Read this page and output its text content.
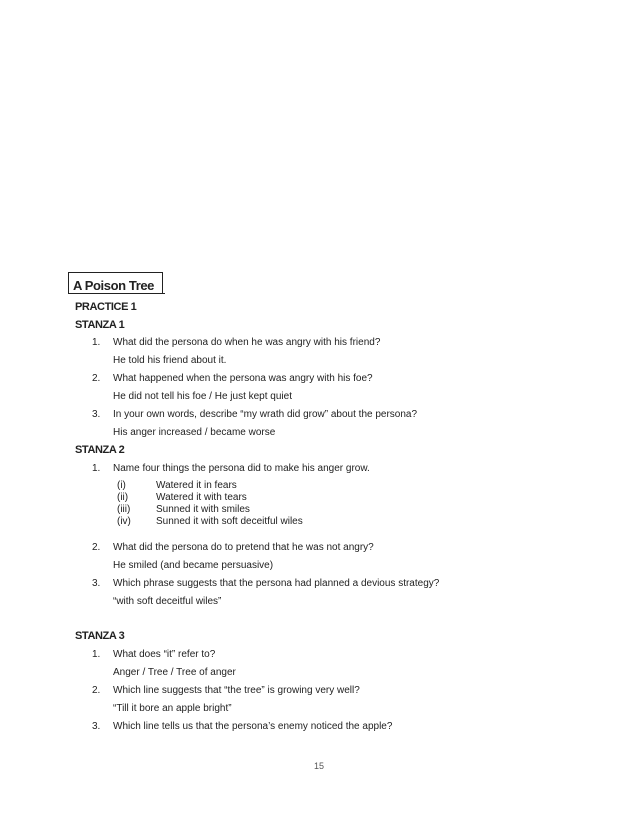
A Poison Tree
PRACTICE 1
STANZA 1
1. What did the persona do when he was angry with his friend?
He told his friend about it.
2. What happened when the persona was angry with his foe?
He did not tell his foe / He just kept quiet
3. In your own words, describe “my wrath did grow” about the persona?
His anger increased / became worse
STANZA 2
1. Name four things the persona did to make his anger grow.
(i)	Watered it in fears
(ii)	Watered it with tears
(iii)	Sunned it with smiles
(iv)	Sunned it with soft deceitful wiles
2. What did the persona do to pretend that he was not angry?
He smiled (and became persuasive)
3. Which phrase suggests that the persona had planned a devious strategy?
“with soft deceitful wiles”
STANZA 3
1. What does “it” refer to?
Anger / Tree / Tree of anger
2. Which line suggests that “the tree” is growing very well?
“Till it bore an apple bright”
3. Which line tells us that the persona’s enemy noticed the apple?
15
